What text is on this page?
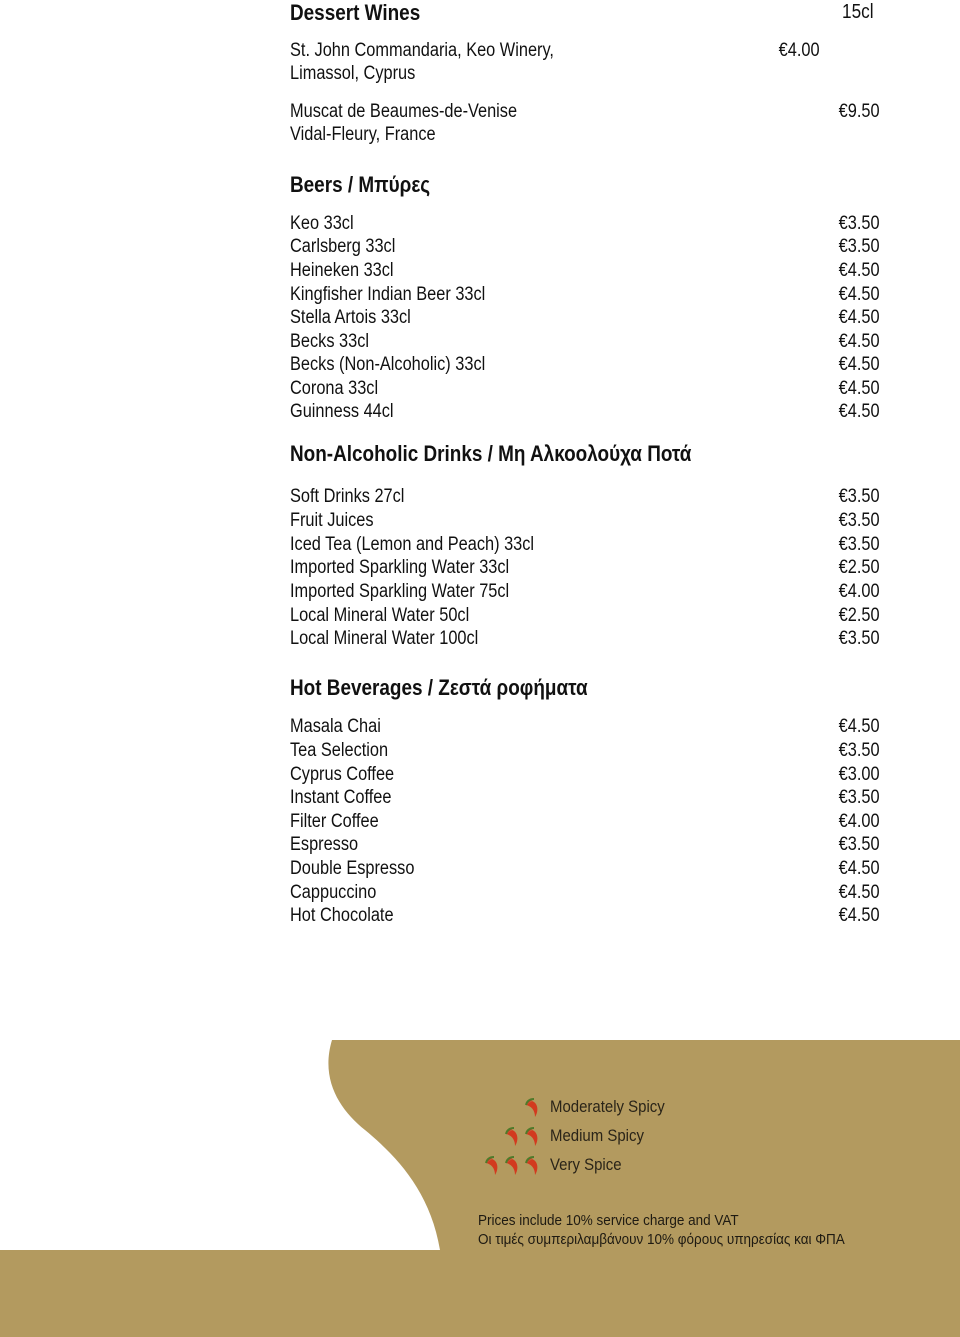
Dessert Wines	15cl
St. John Commandaria, Keo Winery,
Limassol, Cyprus
€4.00
Muscat de Beaumes-de-Venise
Vidal-Fleury, France
€9.50
Beers / Μπύρες
Keo 33cl	€3.50
Carlsberg 33cl	€3.50
Heineken 33cl	€4.50
Kingfisher Indian Beer 33cl	€4.50
Stella Artois 33cl	€4.50
Becks 33cl	€4.50
Becks (Non-Alcoholic) 33cl	€4.50
Corona 33cl	€4.50
Guinness 44cl	€4.50
Non-Alcoholic Drinks / Μη Αλκοολούχα Ποτά
Soft Drinks 27cl	€3.50
Fruit Juices	€3.50
Iced Tea (Lemon and Peach) 33cl	€3.50
Imported Sparkling Water 33cl	€2.50
Imported Sparkling Water 75cl	€4.00
Local Mineral Water 50cl	€2.50
Local Mineral Water 100cl	€3.50
Hot Beverages / Ζεστά ροφήματα
Masala Chai	€4.50
Tea Selection	€3.50
Cyprus Coffee	€3.00
Instant Coffee	€3.50
Filter Coffee	€4.00
Espresso	€3.50
Double Espresso	€4.50
Cappuccino	€4.50
Hot Chocolate	€4.50
Moderately Spicy
Medium Spicy
Very Spice
Prices include 10% service charge and VAT
Οι τιμές συμπεριλαμβάνουν 10% φόρους υπηρεσίας και ΦΠΑ
